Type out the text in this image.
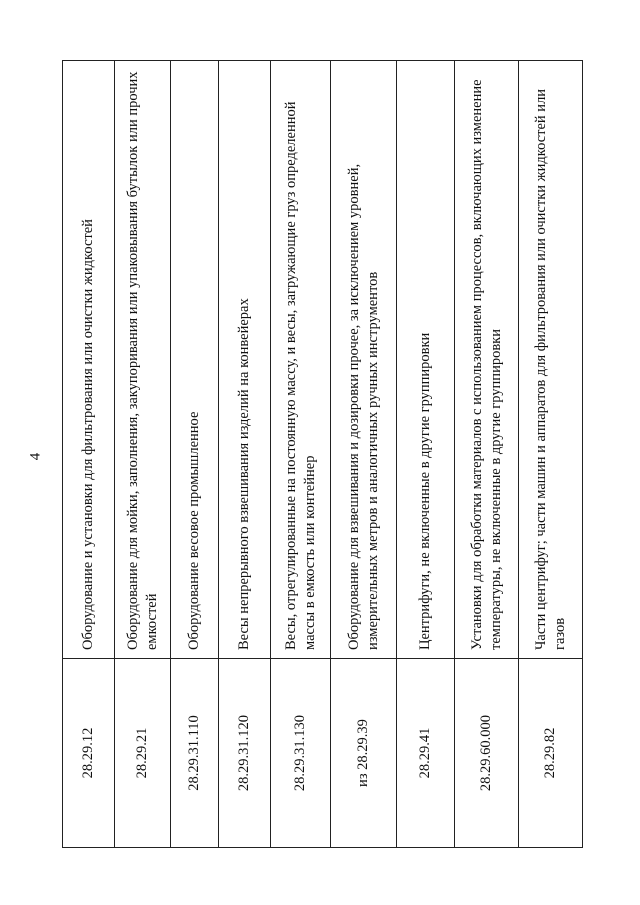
4
28.29.12	Оборудование и установки для фильтрования или очистки жидкостей
28.29.21	Оборудование для мойки, заполнения, закупоривания или упаковывания бутылок или прочих емкостей
28.29.31.110	Оборудование весовое промышленное
28.29.31.120	Весы непрерывного взвешивания изделий на конвейерах
28.29.31.130	Весы, отрегулированные на постоянную массу, и весы, загружающие груз определенной массы в емкость или контейнер
из 28.29.39	Оборудование для взвешивания и дозировки прочее, за исключением уровней, измерительных метров и аналогичных ручных инструментов
28.29.41	Центрифуги, не включенные в другие группировки
28.29.60.000	Установки для обработки материалов с использованием процессов, включающих изменение температуры, не включенные в другие группировки
28.29.82	Части центрифуг; части машин и аппаратов для фильтрования или очистки жидкостей или газов
